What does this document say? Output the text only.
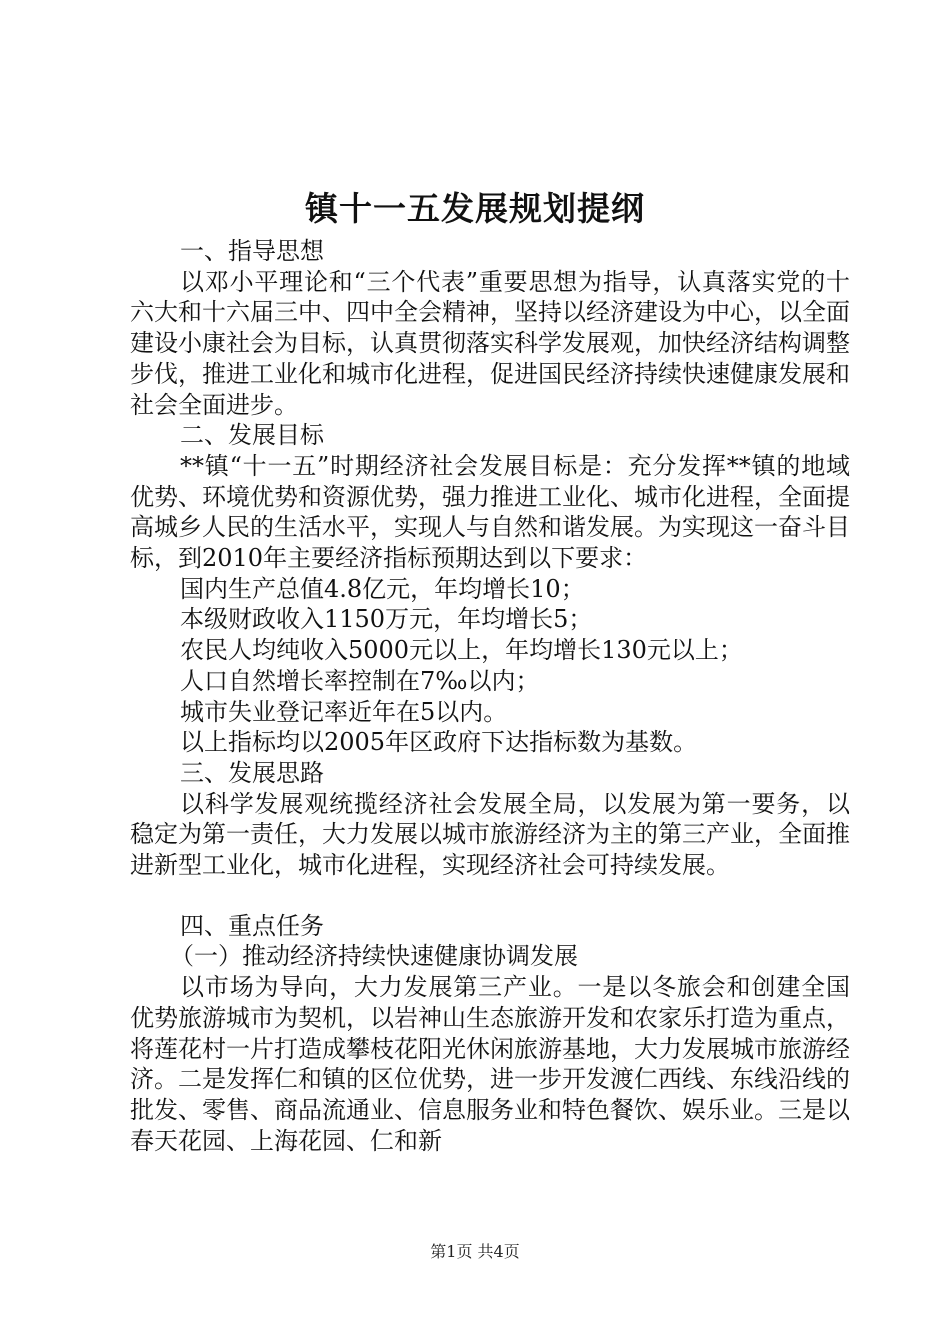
镇十一五发展规划提纲

一、指导思想

以邓小平理论和“三个代表”重要思想为指导，认真落实党的十六大和十六届三中、四中全会精神，坚持以经济建设为中心，以全面建设小康社会为目标，认真贯彻落实科学发展观，加快经济结构调整步伐，推进工业化和城市化进程，促进国民经济持续快速健康发展和社会全面进步。

二、发展目标

**镇“十一五”时期经济社会发展目标是：充分发挥**镇的地域优势、环境优势和资源优势，强力推进工业化、城市化进程，全面提高城乡人民的生活水平，实现人与自然和谐发展。为实现这一奋斗目标，到2010年主要经济指标预期达到以下要求：

国内生产总值4.8亿元，年均增长10；

本级财政收入1150万元，年均增长5；

农民人均纯收入5000元以上，年均增长130元以上；

人口自然增长率控制在7‰以内；

城市失业登记率近年在5以内。

以上指标均以2005年区政府下达指标数为基数。

三、发展思路

以科学发展观统揽经济社会发展全局，以发展为第一要务，以稳定为第一责任，大力发展以城市旅游经济为主的第三产业，全面推进新型工业化，城市化进程，实现经济社会可持续发展。

四、重点任务

（一）推动经济持续快速健康协调发展

以市场为导向，大力发展第三产业。一是以冬旅会和创建全国优势旅游城市为契机，以岩神山生态旅游开发和农家乐打造为重点，将莲花村一片打造成攀枝花阳光休闲旅游基地，大力发展城市旅游经济。二是发挥仁和镇的区位优势，进一步开发渡仁西线、东线沿线的批发、零售、商品流通业、信息服务业和特色餐饮、娱乐业。三是以春天花园、上海花园、仁和新

第1页 共4页
